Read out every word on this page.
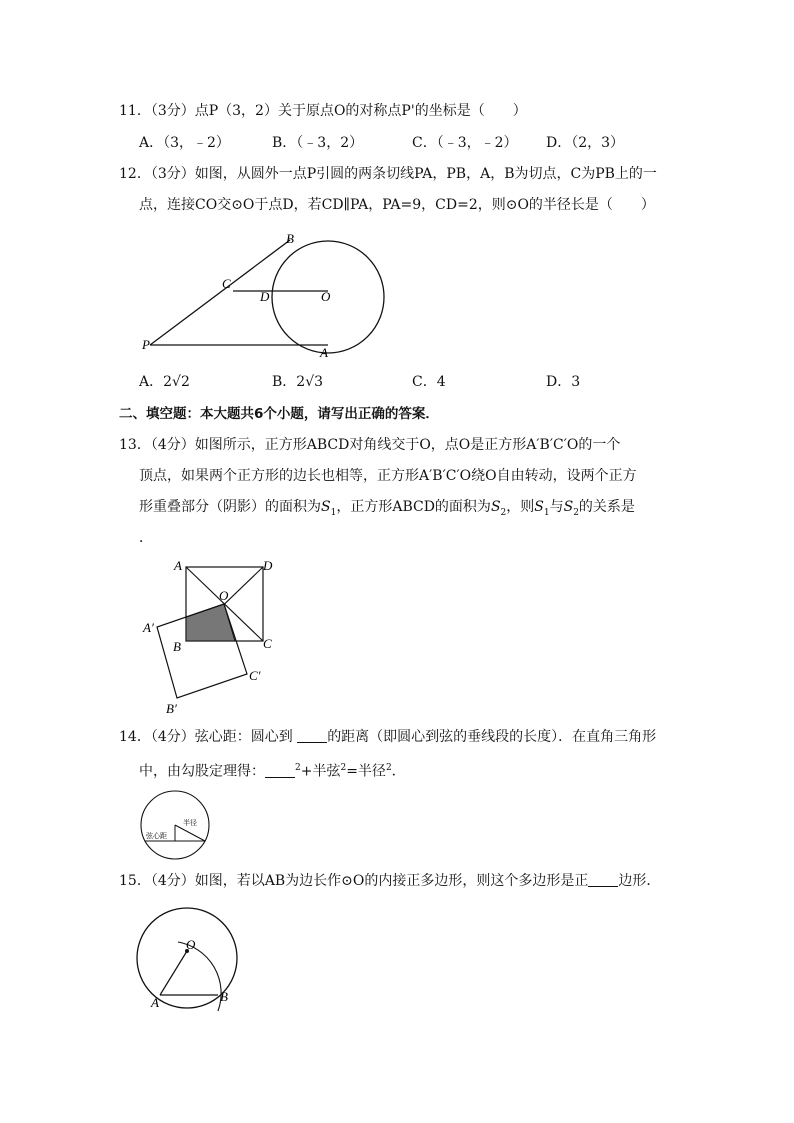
11．（3分）点P（3，2）关于原点O的对称点P'的坐标是（　　）
A．（3，﹣2）	B．（﹣3，2）	C．（﹣3，﹣2） D．（2，3）
12．（3分）如图，从圆外一点P引圆的两条切线PA，PB，A，B为切点，C为PB上的一
点，连接CO交⊙O于点D，若CD∥PA，PA=9，CD=2，则⊙O的半径长是（　　）
B
C
D	O
P
A
A．2√2	B．2√3	C．4	D．3
二、填空题：本大题共6个小题，请写出正确的答案．
13．（4分）如图所示，正方形ABCD对角线交于O，点O是正方形A′B′C′O的一个
顶点，如果两个正方形的边长也相等，正方形A′B′C′O绕O自由转动，设两个正方
形重叠部分（阴影）的面积为$S_1$，正方形ABCD的面积为$S_2$，则$S_1$与$S_2$的关系是
．
A	D
O
A′
B	C
C′
B′
14．（4分）弦心距：圆心到 的距离（即圆心到弦的垂线段的长度）．在直角三角形
中，由勾股定理得：	$^2$+半弦$^2$=半径$^2$．
半径
弦心距
15．（4分）如图，若以AB为边长作⊙O的内接正多边形，则这个多边形是正 边形．
O
A	B
